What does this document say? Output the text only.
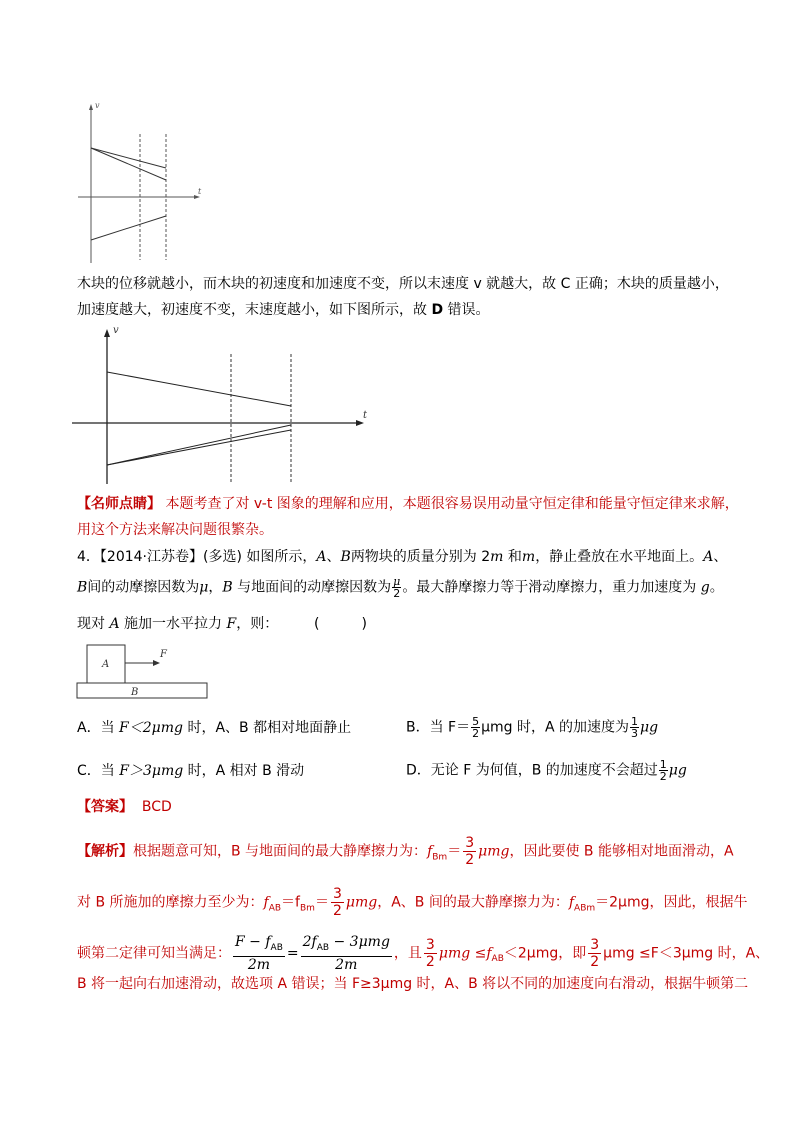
v
t
木块的位移就越小，而木块的初速度和加速度不变，所以末速度 v 就越大，故 C 正确；木块的质量越小，
加速度越大，初速度不变，末速度越小，如下图所示，故 D 错误。
v
t
【名师点睛】 本题考查了对 v-t 图象的理解和应用，本题很容易误用动量守恒定律和能量守恒定律来求解，
用这个方法来解决问题很繁杂。
4．【2014·江苏卷】(多选) 如图所示，A、B两物块的质量分别为 2m 和m，静止叠放在水平地面上。A、
B间的动摩擦因数为μ，B 与地面间的动摩擦因数为 $\frac{\mu}{2}$ 。最大静摩擦力等于滑动摩擦力，重力加速度为 g。
现对 A 施加一水平拉力 F，则：	(　　　)
A
B
F
A．当 F＜2μmg 时，A、B 都相对地面静止	B．当 $F= \frac{5}{2}$ μmg 时，A 的加速度为 $\frac{1}{3}$ μg
C．当 F＞3μmg 时，A 相对 B 滑动	D．无论 F 为何值，B 的加速度不会超过 $\frac{1}{2}$ μg
【答案】 BCD
【解析】根据题意可知，B 与地面间的最大静摩擦力为：$f_{Bm}= \frac{3}{2}$ μmg，因此要使 B 能够相对地面滑动，A
对 B 所施加的摩擦力至少为：$f_{AB}=f_{Bm}= \frac{3}{2}$ μmg，A、B 间的最大静摩擦力为：$f_{ABm}=2\mu mg$，因此，根据牛
顿第二定律可知当满足：
$F - f_{AB}$
2m
=
$2f_{AB} - 3\mu mg$
2m
，且 $\frac{3}{2}$ $\mu mg \le f_{AB}<2\mu mg$，即 $\frac{3}{2}$ μmg ≤F＜3μmg 时，A、
B 将一起向右加速滑动，故选项 A 错误；当 F≥3μmg 时，A、B 将以不同的加速度向右滑动，根据牛顿第二
